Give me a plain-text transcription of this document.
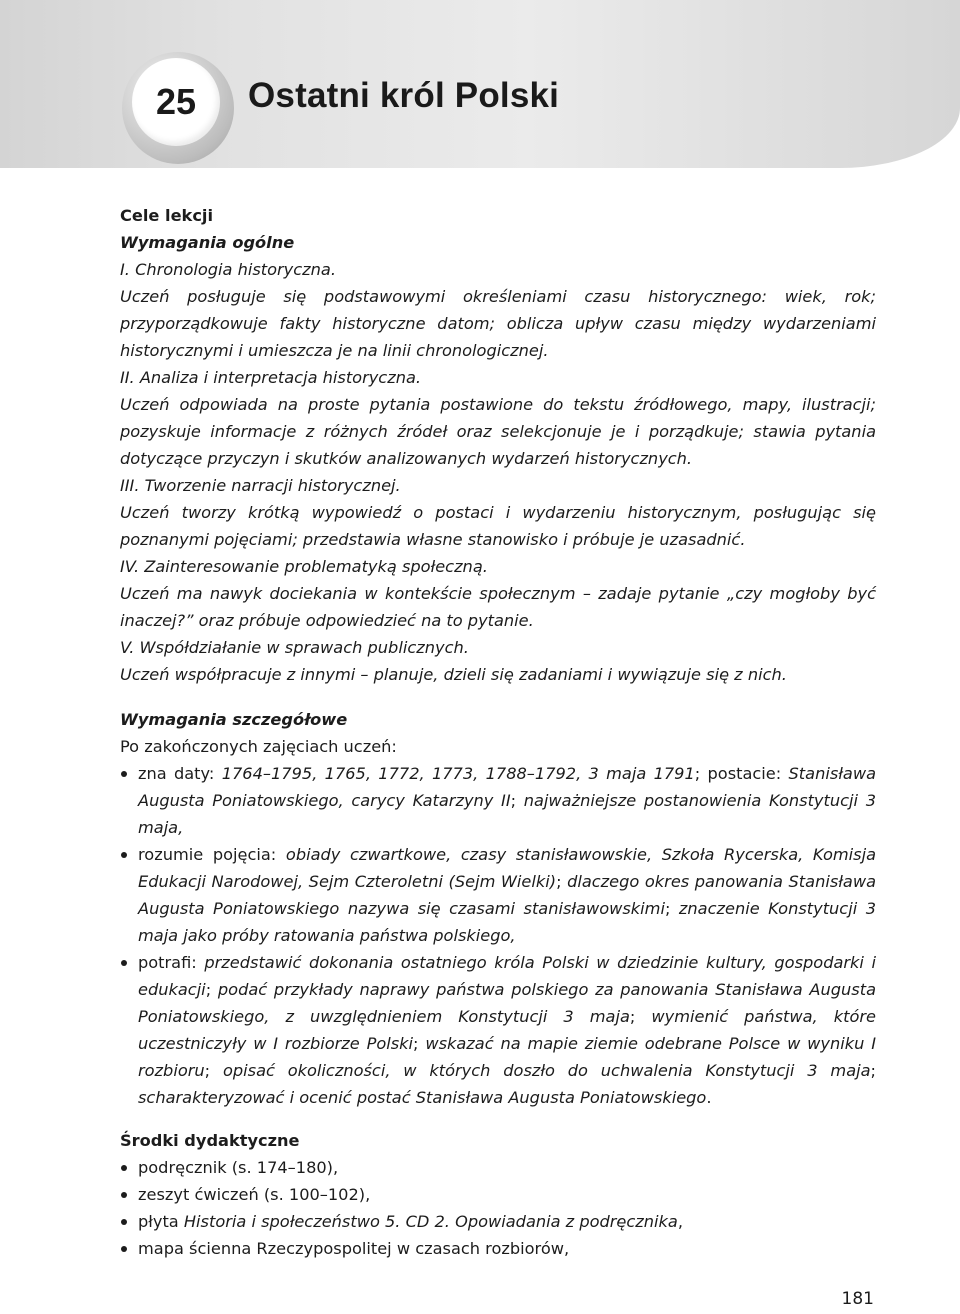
25	Ostatni król Polski

Cele lekcji

Wymagania ogólne

I. Chronologia historyczna.

Uczeń posługuje się podstawowymi określeniami czasu historycznego: wiek, rok; przyporządkowuje fakty historyczne datom; oblicza upływ czasu między wydarzeniami historycznymi i umieszcza je na linii chronologicznej.

II. Analiza i interpretacja historyczna.

Uczeń odpowiada na proste pytania postawione do tekstu źródłowego, mapy, ilustracji; pozyskuje informacje z różnych źródeł oraz selekcjonuje je i porządkuje; stawia pytania dotyczące przyczyn i skutków analizowanych wydarzeń historycznych.

III. Tworzenie narracji historycznej.

Uczeń tworzy krótką wypowiedź o postaci i wydarzeniu historycznym, posługując się poznanymi pojęciami; przedstawia własne stanowisko i próbuje je uzasadnić.

IV. Zainteresowanie problematyką społeczną.

Uczeń ma nawyk dociekania w kontekście społecznym – zadaje pytanie „czy mogłoby być inaczej?” oraz próbuje odpowiedzieć na to pytanie.

V. Współdziałanie w sprawach publicznych.

Uczeń współpracuje z innymi – planuje, dzieli się zadaniami i wywiązuje się z nich.

Wymagania szczegółowe

Po zakończonych zajęciach uczeń:

zna daty: 1764–1795, 1765, 1772, 1773, 1788–1792, 3 maja 1791; postacie: Stanisława Augusta Poniatowskiego, carycy Katarzyny II; najważniejsze postanowienia Konstytucji 3 maja,
rozumie pojęcia: obiady czwartkowe, czasy stanisławowskie, Szkoła Rycerska, Komisja Edukacji Narodowej, Sejm Czteroletni (Sejm Wielki); dlaczego okres panowania Stanisława Augusta Poniatowskiego nazywa się czasami stanisławowskimi; znaczenie Konstytucji 3 maja jako próby ratowania państwa polskiego,
potrafi: przedstawić dokonania ostatniego króla Polski w dziedzinie kultury, gospodarki i edukacji; podać przykłady naprawy państwa polskiego za panowania Stanisława Augusta Poniatowskiego, z uwzględnieniem Konstytucji 3 maja; wymienić państwa, które uczestniczyły w I rozbiorze Polski; wskazać na mapie ziemie odebrane Polsce w wyniku I rozbioru; opisać okoliczności, w których doszło do uchwalenia Konstytucji 3 maja; scharakteryzować i ocenić postać Stanisława Augusta Poniatowskiego.

Środki dydaktyczne

podręcznik (s. 174–180),
zeszyt ćwiczeń (s. 100–102),
płyta Historia i społeczeństwo 5. CD 2. Opowiadania z podręcznika,
mapa ścienna Rzeczypospolitej w czasach rozbiorów,
181
